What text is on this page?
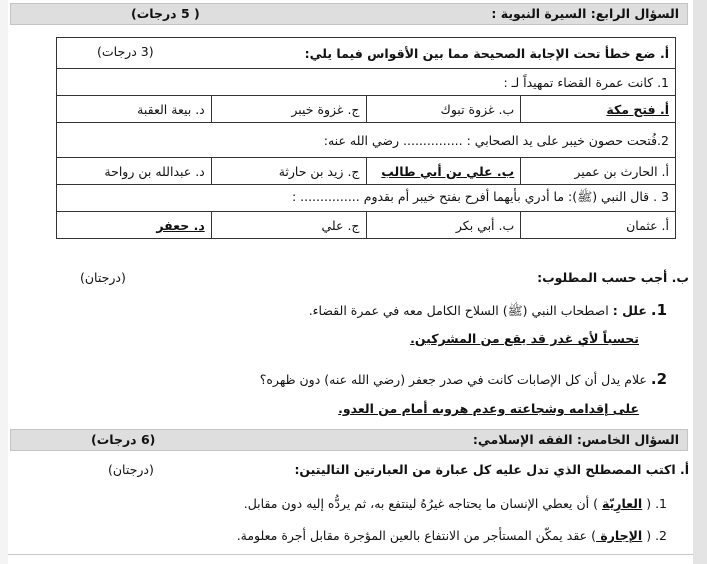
السؤال الرابع: السيرة النبوية :
( 5 درجات)
أ. ضع خطأ تحت الإجابة الصحيحة مما بين الأقواس فيما يلي:
(3 درجات)			

1. كانت عمرة القضاء تمهيداً لـ :			
أ. فتح مكة	ب. غزوة تبوك	ج. غزوة خيبر	د. بيعة العقبة
2.فُتحت حصون خيبر على يد الصحابي : ............... رضي الله عنه:			
أ. الحارث بن عمير	ب. علي بن أبي طالب	ج. زيد بن حارثة	د. عبدالله بن رواحة
3 . قال النبي (ﷺ): ما أدري بأيهما أفرح بفتح خيبر أم بقدوم ............... :			
أ. عثمان	ب. أبي بكر	ج. علي	د. جعفر
ب. أجب حسب المطلوب:
(درجتان)
1. علل : اصطحاب النبي (ﷺ) السلاح الكامل معه في عمرة القضاء.
تحسباً لأي غدر قد يقع من المشركين.
2. علام يدل أن كل الإصابات كانت في صدر جعفر (رضي الله عنه) دون ظهره؟
على إقدامه وشجاعته وعدم هروبه أمام من العدو.
السؤال الخامس: الفقه الإسلامي:
(6 درجات)
أ. اكتب المصطلح الذي تدل عليه كل عبارة من العبارتين التاليتين:
(درجتان)
1. ( العارِيّة ) أن يعطي الإنسان ما يحتاجه غيرُهُ لينتفع به، ثم يردُّه إليه دون مقابل.
2. ( الإجارة ) عقد يمكّن المستأجر من الانتفاع بالعين المؤجرة مقابل أجرة معلومة.
